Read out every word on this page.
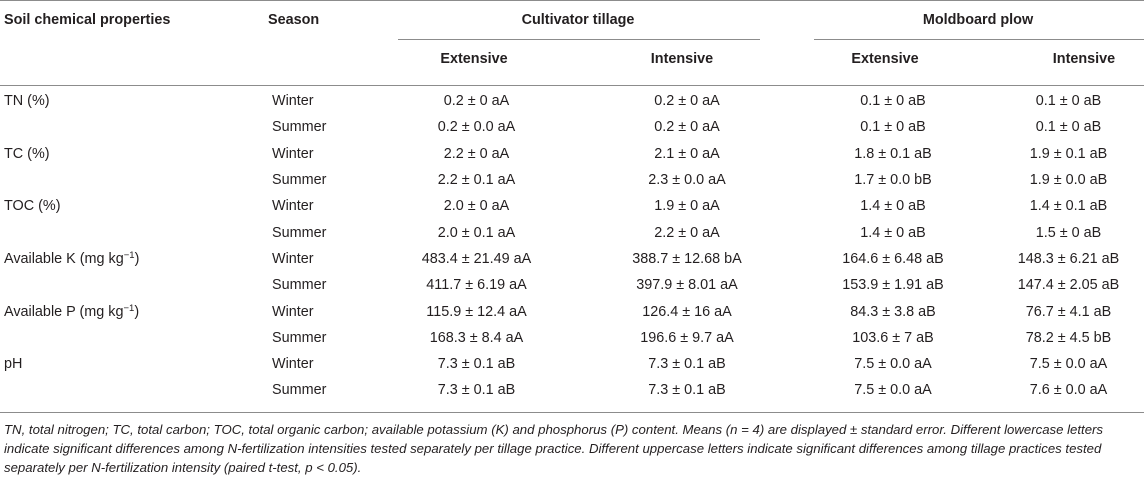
Soil chemical properties	Season	Cultivator tillage	Moldboard plow
Extensive	Intensive	Extensive	Intensive
TN (%)	Winter	0.2 ± 0 aA	0.2 ± 0 aA	0.1 ± 0 aB	0.1 ± 0 aB
	Summer	0.2 ± 0.0 aA	0.2 ± 0 aA	0.1 ± 0 aB	0.1 ± 0 aB
TC (%)	Winter	2.2 ± 0 aA	2.1 ± 0 aA	1.8 ± 0.1 aB	1.9 ± 0.1 aB
	Summer	2.2 ± 0.1 aA	2.3 ± 0.0 aA	1.7 ± 0.0 bB	1.9 ± 0.0 aB
TOC (%)	Winter	2.0 ± 0 aA	1.9 ± 0 aA	1.4 ± 0 aB	1.4 ± 0.1 aB
	Summer	2.0 ± 0.1 aA	2.2 ± 0 aA	1.4 ± 0 aB	1.5 ± 0 aB
Available K (mg $kg^{-1}$)	Winter	483.4 ± 21.49 aA	388.7 ± 12.68 bA	164.6 ± 6.48 aB	148.3 ± 6.21 aB
	Summer	411.7 ± 6.19 aA	397.9 ± 8.01 aA	153.9 ± 1.91 aB	147.4 ± 2.05 aB
Available P (mg $kg^{-1}$)	Winter	115.9 ± 12.4 aA	126.4 ± 16 aA	84.3 ± 3.8 aB	76.7 ± 4.1 aB
	Summer	168.3 ± 8.4 aA	196.6 ± 9.7 aA	103.6 ± 7 aB	78.2 ± 4.5 bB
pH	Winter	7.3 ± 0.1 aB	7.3 ± 0.1 aB	7.5 ± 0.0 aA	7.5 ± 0.0 aA
	Summer	7.3 ± 0.1 aB	7.3 ± 0.1 aB	7.5 ± 0.0 aA	7.6 ± 0.0 aA
TN, total nitrogen; TC, total carbon; TOC, total organic carbon; available potassium (K) and phosphorus (P) content. Means (n = 4) are displayed ± standard error. Different lowercase letters indicate significant differences among N-fertilization intensities tested separately per tillage practice. Different uppercase letters indicate significant differences among tillage practices tested separately per N-fertilization intensity (paired t-test, p < 0.05).
